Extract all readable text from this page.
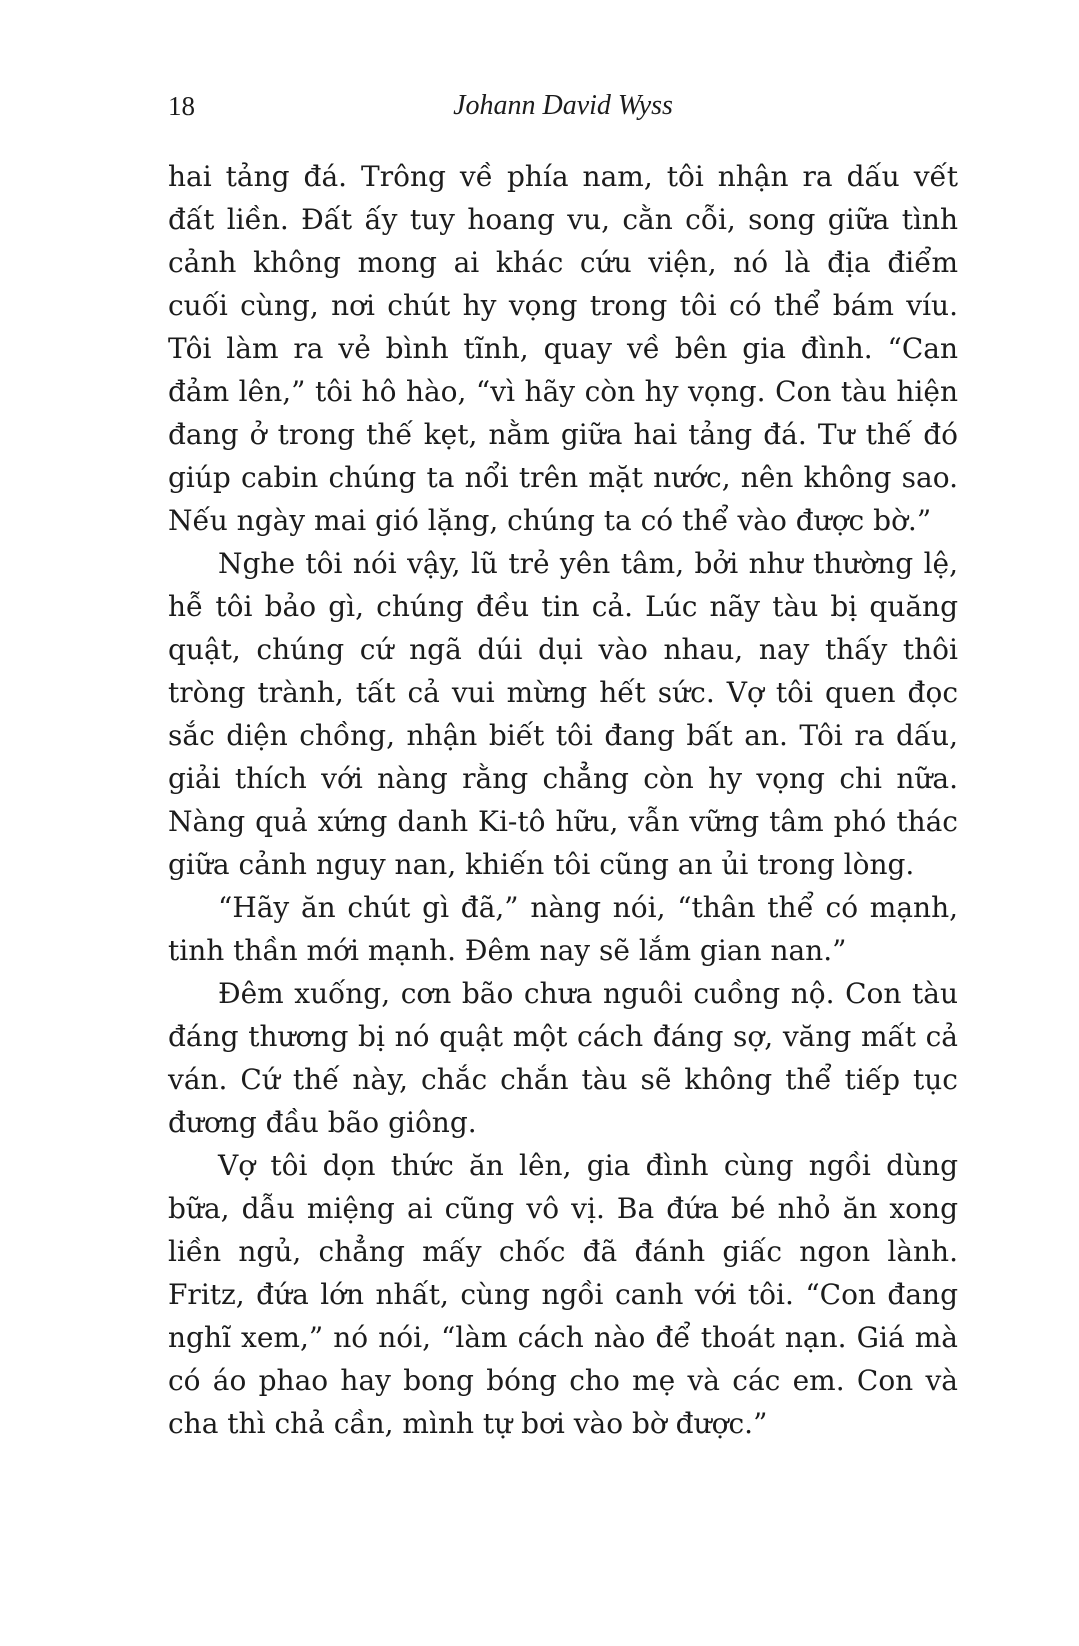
18	Johann David Wyss
hai tảng đá. Trông về phía nam, tôi nhận ra dấu vết
đất liền. Đất ấy tuy hoang vu, cằn cỗi, song giữa tình
cảnh không mong ai khác cứu viện, nó là địa điểm
cuối cùng, nơi chút hy vọng trong tôi có thể bám víu.
Tôi làm ra vẻ bình tĩnh, quay về bên gia đình. “Can
đảm lên,” tôi hô hào, “vì hãy còn hy vọng. Con tàu hiện
đang ở trong thế kẹt, nằm giữa hai tảng đá. Tư thế đó
giúp cabin chúng ta nổi trên mặt nước, nên không sao.
Nếu ngày mai gió lặng, chúng ta có thể vào được bờ.”
Nghe tôi nói vậy, lũ trẻ yên tâm, bởi như thường lệ,
hễ tôi bảo gì, chúng đều tin cả. Lúc nãy tàu bị quăng
quật, chúng cứ ngã dúi dụi vào nhau, nay thấy thôi
tròng trành, tất cả vui mừng hết sức. Vợ tôi quen đọc
sắc diện chồng, nhận biết tôi đang bất an. Tôi ra dấu,
giải thích với nàng rằng chẳng còn hy vọng chi nữa.
Nàng quả xứng danh Ki-tô hữu, vẫn vững tâm phó thác
giữa cảnh nguy nan, khiến tôi cũng an ủi trong lòng.
“Hãy ăn chút gì đã,” nàng nói, “thân thể có mạnh,
tinh thần mới mạnh. Đêm nay sẽ lắm gian nan.”
Đêm xuống, cơn bão chưa nguôi cuồng nộ. Con tàu
đáng thương bị nó quật một cách đáng sợ, văng mất cả
ván. Cứ thế này, chắc chắn tàu sẽ không thể tiếp tục
đương đầu bão giông.
Vợ tôi dọn thức ăn lên, gia đình cùng ngồi dùng
bữa, dẫu miệng ai cũng vô vị. Ba đứa bé nhỏ ăn xong
liền ngủ, chẳng mấy chốc đã đánh giấc ngon lành.
Fritz, đứa lớn nhất, cùng ngồi canh với tôi. “Con đang
nghĩ xem,” nó nói, “làm cách nào để thoát nạn. Giá mà
có áo phao hay bong bóng cho mẹ và các em. Con và
cha thì chả cần, mình tự bơi vào bờ được.”
